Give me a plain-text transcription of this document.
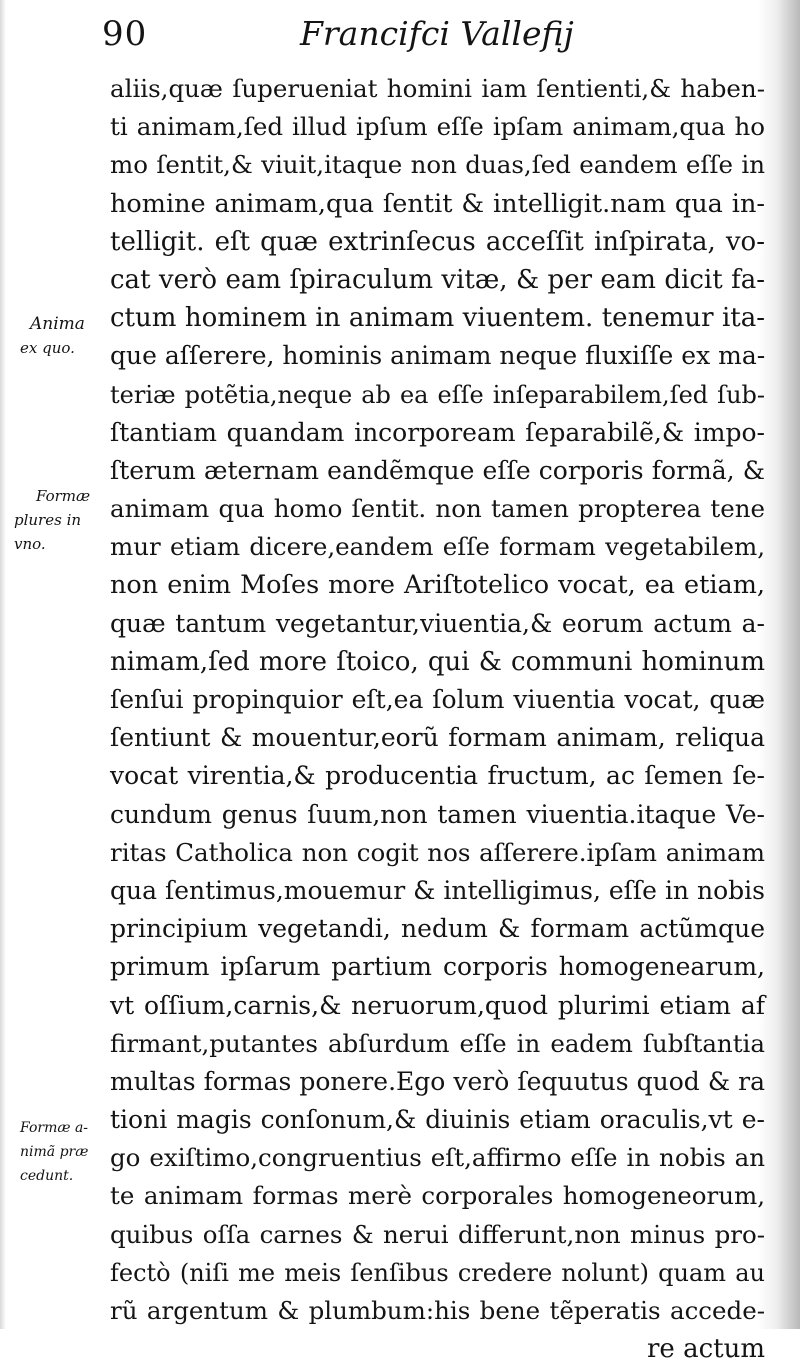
90	Francifci Vallefij
Anima
ex quo.
Formæ
plures in
vno.
Formæ a-
nimã præ
cedunt.
aliis,quæ ſuperueniat homini iam ſentienti,& haben-
ti animam,ſed illud ipſum eſſe ipſam animam,qua ho
mo ſentit,& viuit,itaque non duas,ſed eandem eſſe in
homine animam,qua ſentit & intelligit.nam qua in-
telligit. eſt quæ extrinſecus acceſſit inſpirata, vo-
cat verò eam ſpiraculum vitæ, & per eam dicit fa-
ctum hominem in animam viuentem. tenemur ita-
que aſſerere, hominis animam neque fluxiſſe ex ma-
teriæ potẽtia,neque ab ea eſſe inſeparabilem,ſed ſub-
ſtantiam quandam incorpoream ſeparabilẽ,& impo-
ſterum æternam eandẽmque eſſe corporis formã, &
animam qua homo ſentit. non tamen propterea tene
mur etiam dicere,eandem eſſe formam vegetabilem,
non enim Moſes more Ariſtotelico vocat, ea etiam,
quæ tantum vegetantur,viuentia,& eorum actum a-
nimam,ſed more ſtoico, qui & communi hominum
ſenſui propinquior eſt,ea ſolum viuentia vocat, quæ
ſentiunt & mouentur,eorũ formam animam, reliqua
vocat virentia,& producentia fructum, ac ſemen ſe-
cundum genus ſuum,non tamen viuentia.itaque Ve-
ritas Catholica non cogit nos aſſerere.ipſam animam
qua ſentimus,mouemur & intelligimus, eſſe in nobis
principium vegetandi, nedum & formam actũmque
primum ipſarum partium corporis homogenearum,
vt oſſium,carnis,& neruorum,quod plurimi etiam af
firmant,putantes abſurdum eſſe in eadem ſubſtantia
multas formas ponere.Ego verò ſequutus quod & ra
tioni magis conſonum,& diuinis etiam oraculis,vt e-
go exiſtimo,congruentius eſt,affirmo eſſe in nobis an
te animam formas merè corporales homogeneorum,
quibus oſſa carnes & nerui differunt,non minus pro-
fectò (niſi me meis ſenſibus credere nolunt) quam au
rũ argentum & plumbum:his bene tẽperatis accede-
re actum
